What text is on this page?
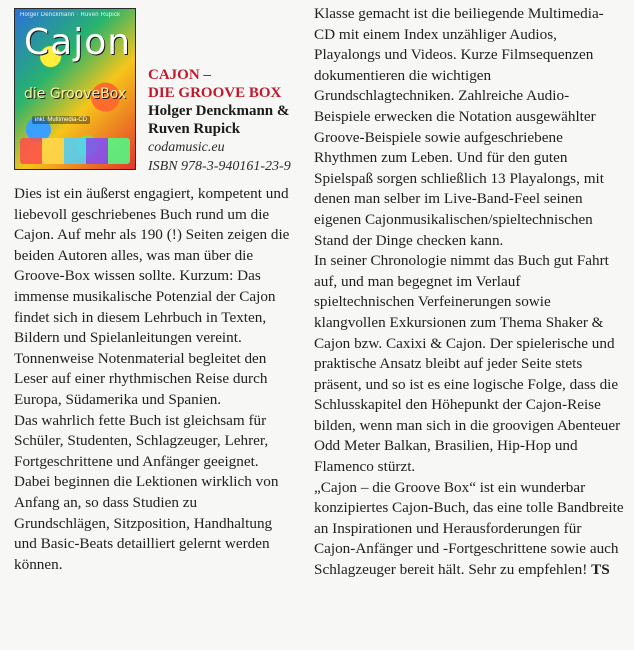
Holger Denckmann · Ruven Rupick
Cajon
die GrooveBox
inkl. Multimedia-CD
CAJON –
DIE GROOVE BOX
Holger Denckmann &
Ruven Rupick
codamusic.eu
ISBN 978-3-940161-23-9

Dies ist ein äußerst engagiert, kompetent und liebevoll geschriebenes Buch rund um die Cajon. Auf mehr als 190 (!) Seiten zeigen die beiden Autoren alles, was man über die Groove-Box wissen sollte. Kurzum: Das immense musikalische Potenzial der Cajon findet sich in diesem Lehrbuch in Texten, Bildern und Spielanleitungen vereint. Tonnenweise Notenmaterial begleitet den Leser auf einer rhythmischen Reise durch Europa, Südamerika und Spanien.

Das wahrlich fette Buch ist gleichsam für Schüler, Studenten, Schlagzeuger, Lehrer, Fortgeschrittene und Anfänger geeignet. Dabei beginnen die Lektionen wirklich von Anfang an, so dass Studien zu Grundschlägen, Sitzposition, Handhaltung und Basic-Beats detailliert gelernt werden können.

Klasse gemacht ist die beiliegende Multimedia-CD mit einem Index unzähliger Audios, Playalongs und Videos. Kurze Filmsequenzen dokumentieren die wichtigen Grundschlagtechniken. Zahlreiche Audio-Beispiele erwecken die Notation ausgewählter Groove-Beispiele sowie aufgeschriebene Rhythmen zum Leben. Und für den guten Spielspaß sorgen schließlich 13 Playalongs, mit denen man selber im Live-Band-Feel seinen eigenen Cajonmusikalischen/spieltechnischen Stand der Dinge checken kann.

In seiner Chronologie nimmt das Buch gut Fahrt auf, und man begegnet im Verlauf spieltechnischen Verfeinerungen sowie klangvollen Exkursionen zum Thema Shaker & Cajon bzw. Caxixi & Cajon. Der spielerische und praktische Ansatz bleibt auf jeder Seite stets präsent, und so ist es eine logische Folge, dass die Schlusskapitel den Höhepunkt der Cajon-Reise bilden, wenn man sich in die groovigen Abenteuer Odd Meter Balkan, Brasilien, Hip-Hop und Flamenco stürzt.

„Cajon – die Groove Box“ ist ein wunderbar konzipiertes Cajon-Buch, das eine tolle Bandbreite an Inspirationen und Herausforderungen für Cajon-Anfänger und -Fortgeschrittene sowie auch Schlagzeuger bereit hält. Sehr zu empfehlen! TS
